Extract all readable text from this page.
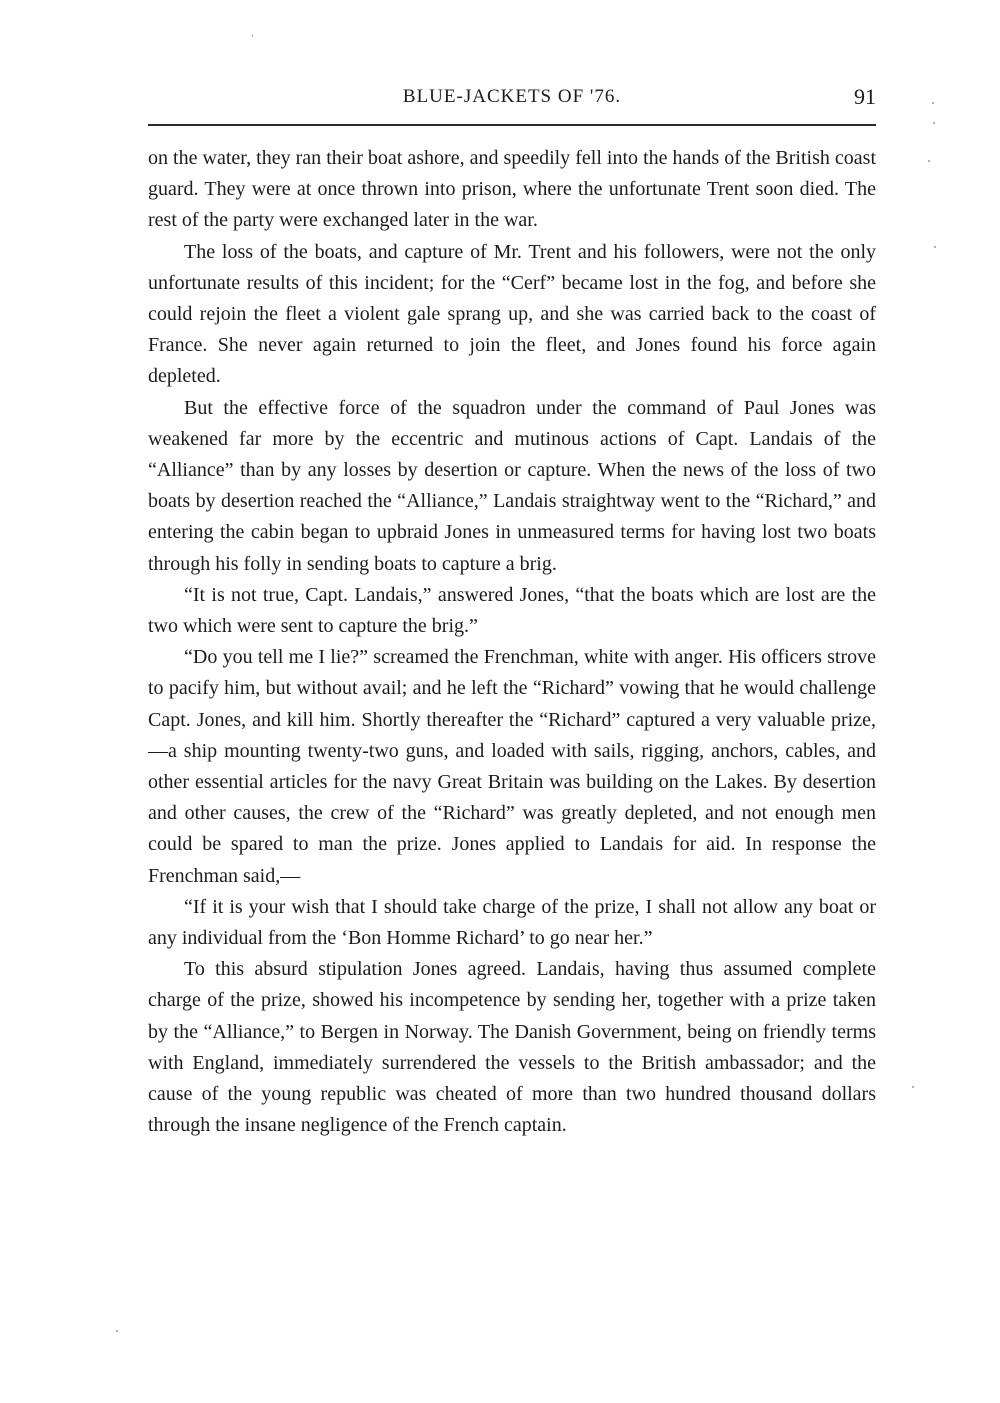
BLUE-JACKETS OF '76.	91

on the water, they ran their boat ashore, and speedily fell into the hands of the British coast guard. They were at once thrown into prison, where the unfortunate Trent soon died. The rest of the party were exchanged later in the war.

The loss of the boats, and capture of Mr. Trent and his followers, were not the only unfortunate results of this incident; for the “Cerf” became lost in the fog, and before she could rejoin the fleet a violent gale sprang up, and she was carried back to the coast of France. She never again returned to join the fleet, and Jones found his force again depleted.

But the effective force of the squadron under the command of Paul Jones was weakened far more by the eccentric and mutinous actions of Capt. Landais of the “Alliance” than by any losses by desertion or capture. When the news of the loss of two boats by desertion reached the “Alliance,” Landais straightway went to the “Richard,” and entering the cabin began to upbraid Jones in unmeasured terms for having lost two boats through his folly in sending boats to capture a brig.

“It is not true, Capt. Landais,” answered Jones, “that the boats which are lost are the two which were sent to capture the brig.”

“Do you tell me I lie?” screamed the Frenchman, white with anger. His officers strove to pacify him, but without avail; and he left the “Richard” vowing that he would challenge Capt. Jones, and kill him. Shortly thereafter the “Richard” captured a very valuable prize,—a ship mounting twenty-two guns, and loaded with sails, rigging, anchors, cables, and other essential articles for the navy Great Britain was building on the Lakes. By desertion and other causes, the crew of the “Richard” was greatly depleted, and not enough men could be spared to man the prize. Jones applied to Landais for aid. In response the Frenchman said,—

“If it is your wish that I should take charge of the prize, I shall not allow any boat or any individual from the ‘Bon Homme Richard’ to go near her.”

To this absurd stipulation Jones agreed. Landais, having thus assumed complete charge of the prize, showed his incompetence by sending her, together with a prize taken by the “Alliance,” to Bergen in Norway. The Danish Government, being on friendly terms with England, immediately surrendered the vessels to the British ambassador; and the cause of the young republic was cheated of more than two hundred thousand dollars through the insane negligence of the French captain.
